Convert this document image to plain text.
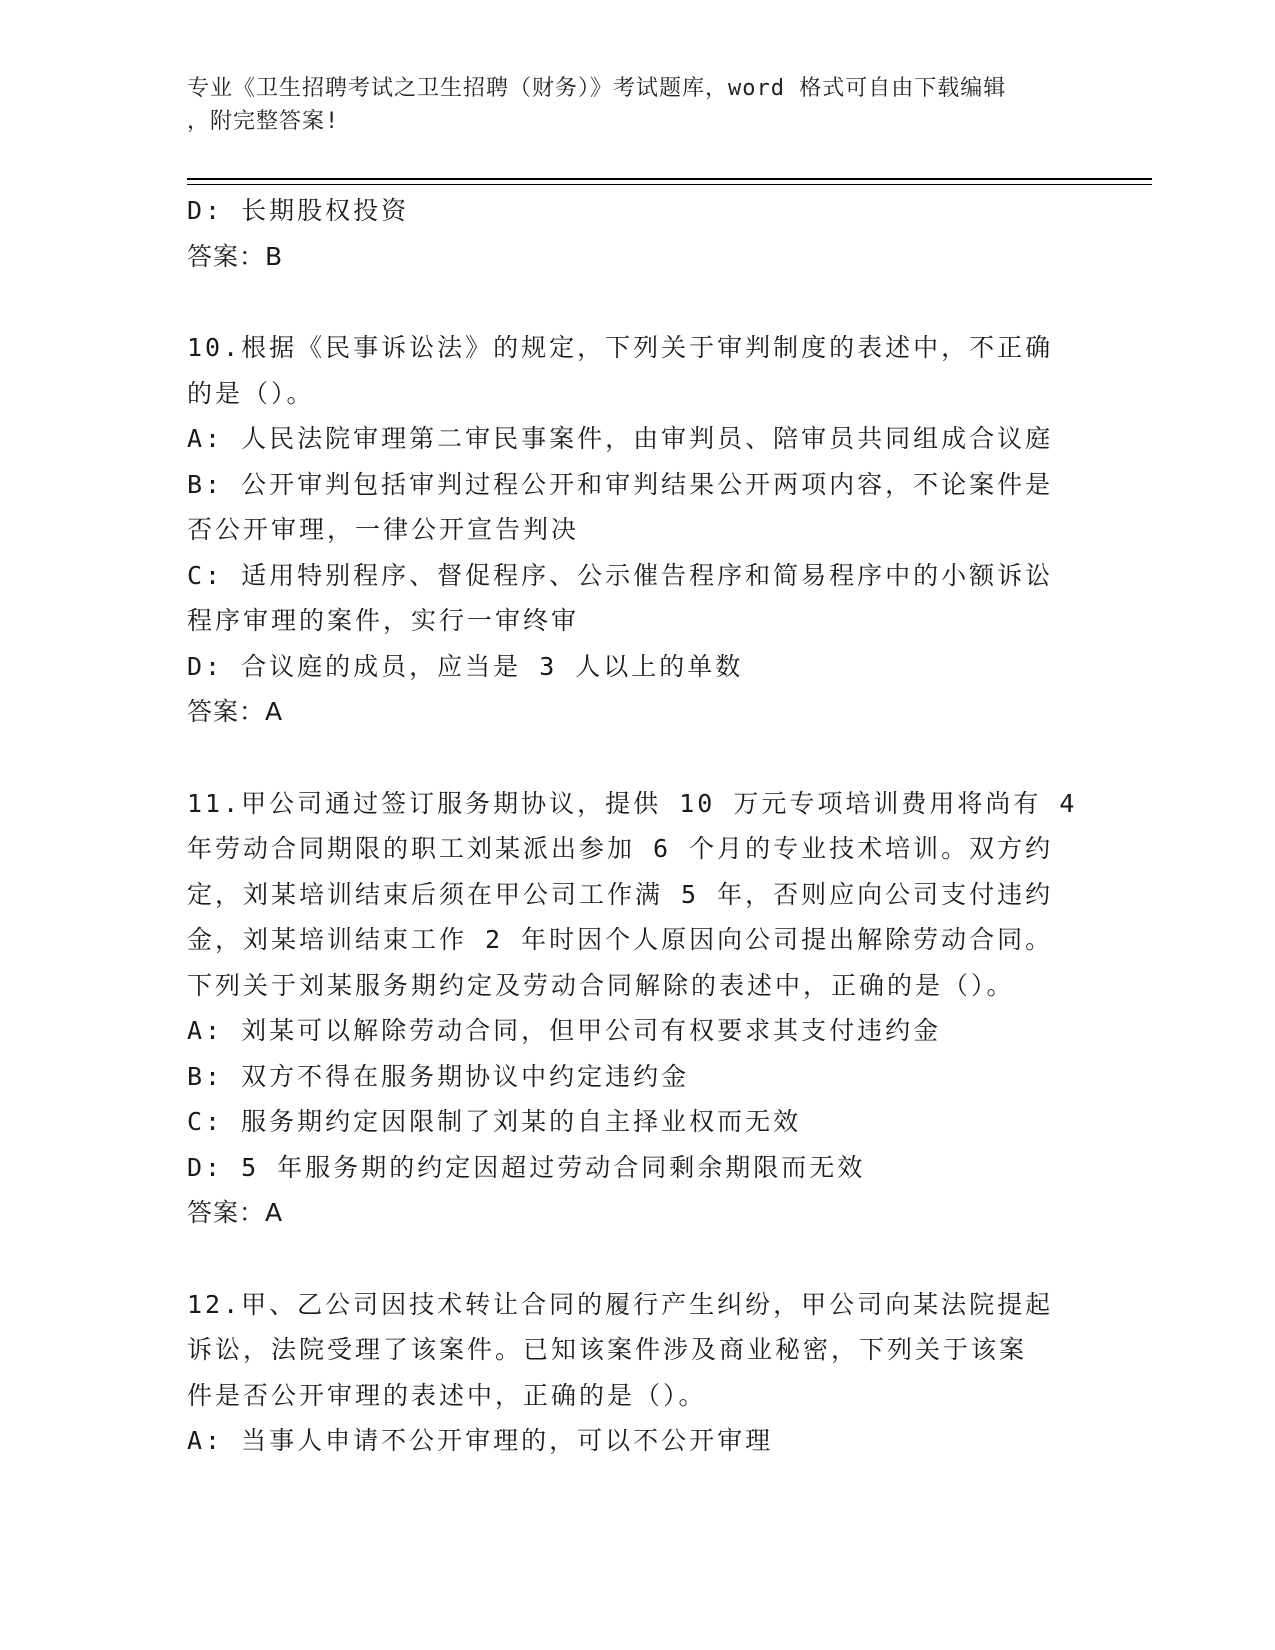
专业《卫生招聘考试之卫生招聘（财务）》考试题库，word 格式可自由下载编辑
，附完整答案!
D: 长期股权投资
答案：B
10.根据《民事诉讼法》的规定，下列关于审判制度的表述中，不正确
的是（）。
A: 人民法院审理第二审民事案件，由审判员、陪审员共同组成合议庭
B: 公开审判包括审判过程公开和审判结果公开两项内容，不论案件是
否公开审理，一律公开宣告判决
C: 适用特别程序、督促程序、公示催告程序和简易程序中的小额诉讼
程序审理的案件，实行一审终审
D: 合议庭的成员，应当是 3 人以上的单数
答案：A
11.甲公司通过签订服务期协议，提供 10 万元专项培训费用将尚有 4
年劳动合同期限的职工刘某派出参加 6 个月的专业技术培训。双方约
定，刘某培训结束后须在甲公司工作满 5 年，否则应向公司支付违约
金，刘某培训结束工作 2 年时因个人原因向公司提出解除劳动合同。
下列关于刘某服务期约定及劳动合同解除的表述中，正确的是（）。
A: 刘某可以解除劳动合同，但甲公司有权要求其支付违约金
B: 双方不得在服务期协议中约定违约金
C: 服务期约定因限制了刘某的自主择业权而无效
D: 5 年服务期的约定因超过劳动合同剩余期限而无效
答案：A
12.甲、乙公司因技术转让合同的履行产生纠纷，甲公司向某法院提起
诉讼，法院受理了该案件。已知该案件涉及商业秘密，下列关于该案
件是否公开审理的表述中，正确的是（）。
A: 当事人申请不公开审理的，可以不公开审理
